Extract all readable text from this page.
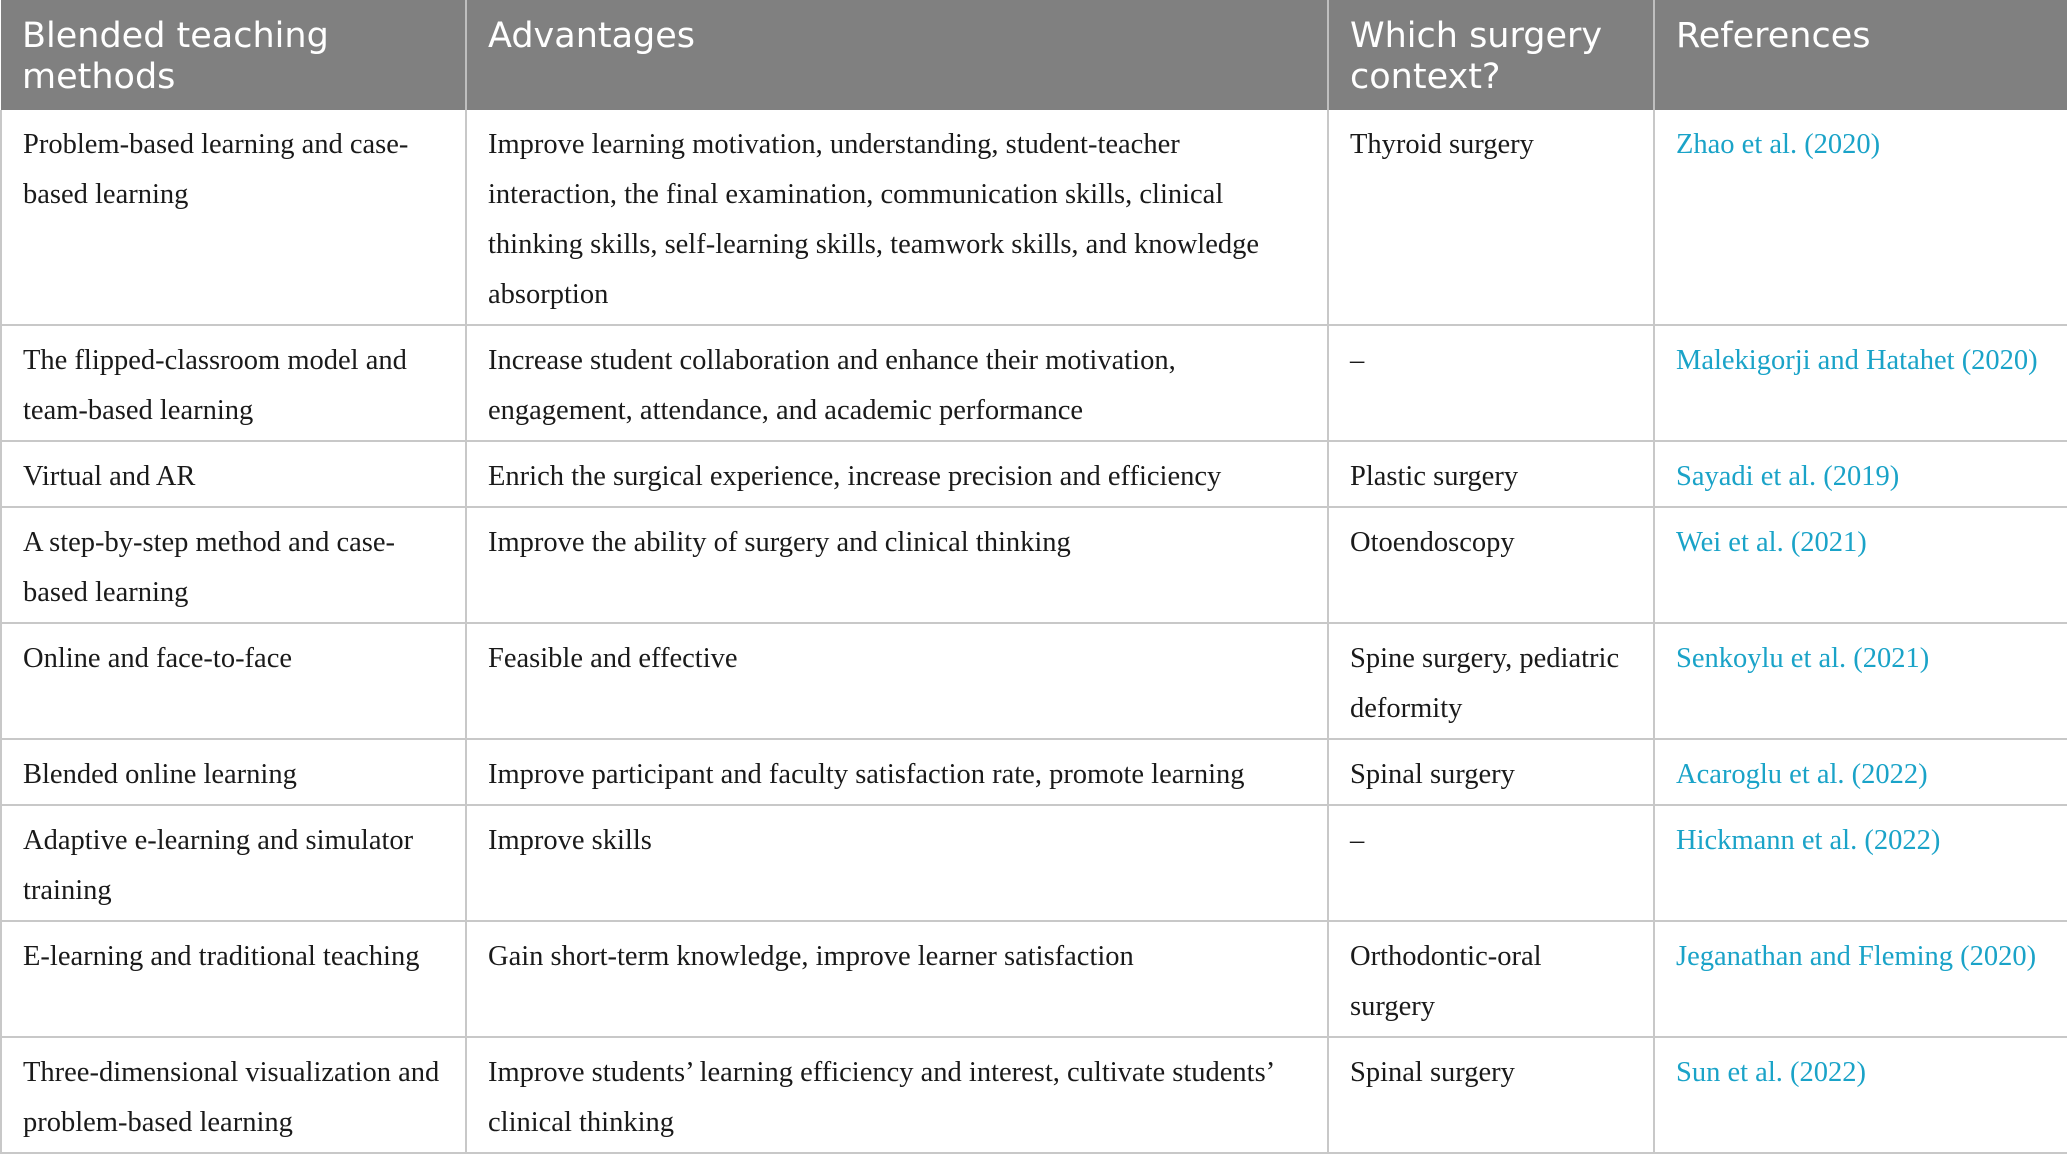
Blended teaching methods	Advantages	Which surgery context?	References

Problem-based learning and case-based learning	Improve learning motivation, understanding, student-teacher interaction, the final examination, communication skills, clinical thinking skills, self-learning skills, teamwork skills, and knowledge absorption	Thyroid surgery	Zhao et al. (2020)

The flipped-classroom model and team-based learning	Increase student collaboration and enhance their motivation, engagement, attendance, and academic performance	–	Malekigorji and Hatahet (2020)

Virtual and AR	Enrich the surgical experience, increase precision and efficiency	Plastic surgery	Sayadi et al. (2019)

A step-by-step method and case-based learning	Improve the ability of surgery and clinical thinking	Otoendoscopy	Wei et al. (2021)

Online and face-to-face	Feasible and effective	Spine surgery, pediatric deformity	Senkoylu et al. (2021)

Blended online learning	Improve participant and faculty satisfaction rate, promote learning	Spinal surgery	Acaroglu et al. (2022)

Adaptive e-learning and simulator training	Improve skills	–	Hickmann et al. (2022)

E-learning and traditional teaching	Gain short-term knowledge, improve learner satisfaction	Orthodontic-oral surgery	Jeganathan and Fleming (2020)

Three-dimensional visualization and problem-based learning	Improve students’ learning efficiency and interest, cultivate students’ clinical thinking	Spinal surgery	Sun et al. (2022)
